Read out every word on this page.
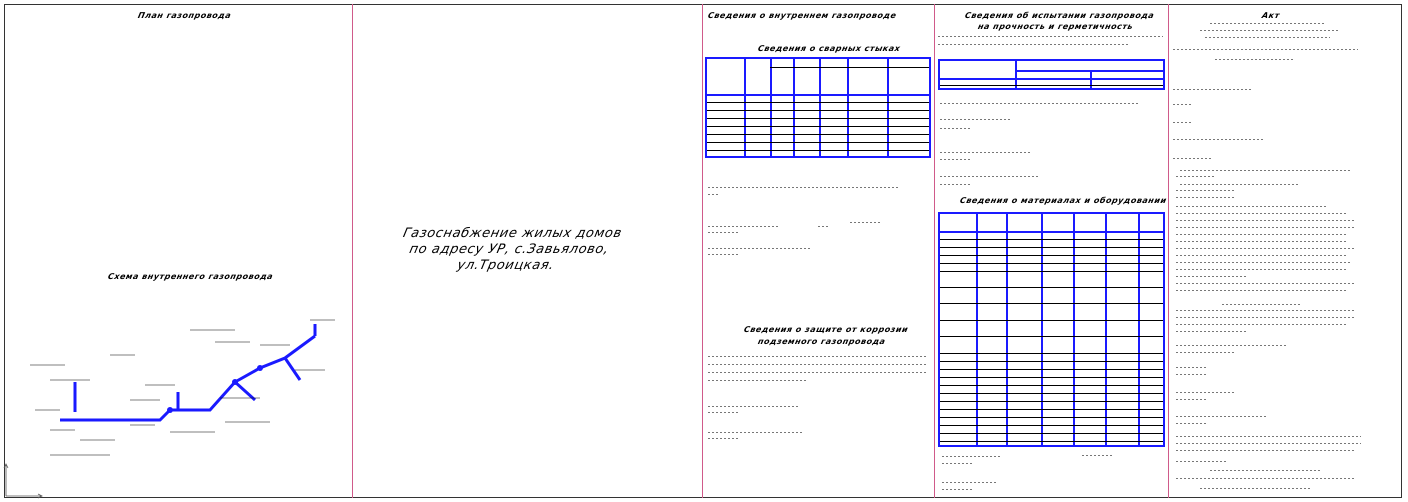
План газопровода
Схема внутреннего газопровода
Газоснабжение жилых домов
по адресу УР, с.Завьялово, ул.Троицкая.
Сведения о внутреннем газопроводе
Сведения о сварных стыках
Сведения о защите от коррозии
подземного газопровода
Сведения об испытании газопровода
на прочность и герметичность
Сведения о материалах и оборудовании
Акт
